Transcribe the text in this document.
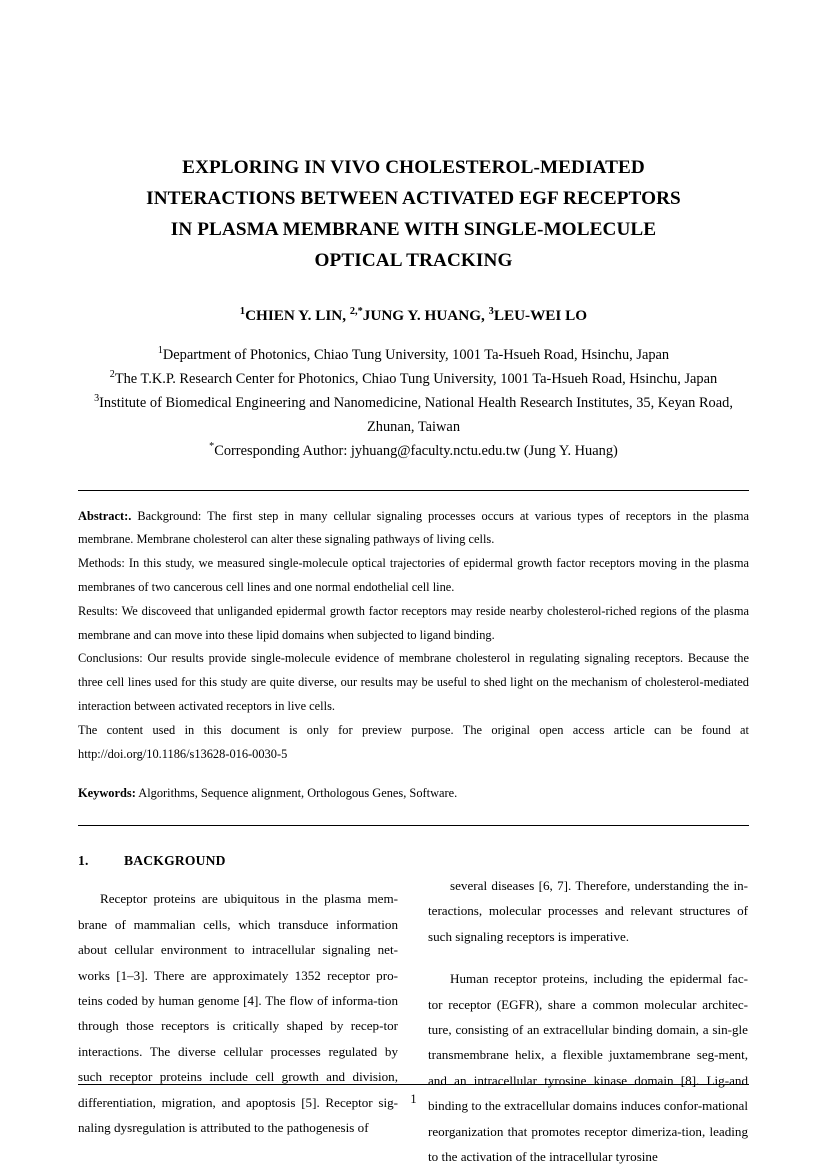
EXPLORING IN VIVO CHOLESTEROL-MEDIATED
INTERACTIONS BETWEEN ACTIVATED EGF RECEPTORS
IN PLASMA MEMBRANE WITH SINGLE-MOLECULE
OPTICAL TRACKING
$^1$CHIEN Y. LIN, $^{2,*}$JUNG Y. HUANG, $^3$LEU-WEI LO
$^1$Department of Photonics, Chiao Tung University, 1001 Ta-Hsueh Road, Hsinchu, Japan
$^2$The T.K.P. Research Center for Photonics, Chiao Tung University, 1001 Ta-Hsueh Road, Hsinchu, Japan
$^3$Institute of Biomedical Engineering and Nanomedicine, National Health Research Institutes, 35, Keyan Road, Zhunan, Taiwan
*Corresponding Author: jyhuang@faculty.nctu.edu.tw (Jung Y. Huang)

Abstract:. Background: The first step in many cellular signaling processes occurs at various types of receptors in the plasma membrane. Membrane cholesterol can alter these signaling pathways of living cells.

Methods: In this study, we measured single-molecule optical trajectories of epidermal growth factor receptors moving in the plasma membranes of two cancerous cell lines and one normal endothelial cell line.

Results: We discoveed that unliganded epidermal growth factor receptors may reside nearby cholesterol-riched regions of the plasma membrane and can move into these lipid domains when subjected to ligand binding.

Conclusions: Our results provide single-molecule evidence of membrane cholesterol in regulating signaling receptors. Because the three cell lines used for this study are quite diverse, our results may be useful to shed light on the mechanism of cholesterol-mediated interaction between activated receptors in live cells.

The content used in this document is only for preview purpose. The original open access article can be found at http://doi.org/10.1186/s13628-016-0030-5

Keywords: Algorithms, Sequence alignment, Orthologous Genes, Software.
1.	BACKGROUND

Receptor proteins are ubiquitous in the plasma mem-brane of mammalian cells, which transduce information about cellular environment to intracellular signaling net-works [1–3]. There are approximately 1352 receptor pro-teins coded by human genome [4]. The flow of informa-tion through those receptors is critically shaped by recep-tor interactions. The diverse cellular processes regulated by such receptor proteins include cell growth and division, differentiation, migration, and apoptosis [5]. Receptor sig-naling dysregulation is attributed to the pathogenesis of

several diseases [6, 7]. Therefore, understanding the in-teractions, molecular processes and relevant structures of such signaling receptors is imperative.

Human receptor proteins, including the epidermal fac-tor receptor (EGFR), share a common molecular architec-ture, consisting of an extracellular binding domain, a sin-gle transmembrane helix, a flexible juxtamembrane seg-ment, and an intracellular tyrosine kinase domain [8]. Lig-and binding to the extracellular domains induces confor-mational reorganization that promotes receptor dimeriza-tion, leading to the activation of the intracellular tyrosine

1
